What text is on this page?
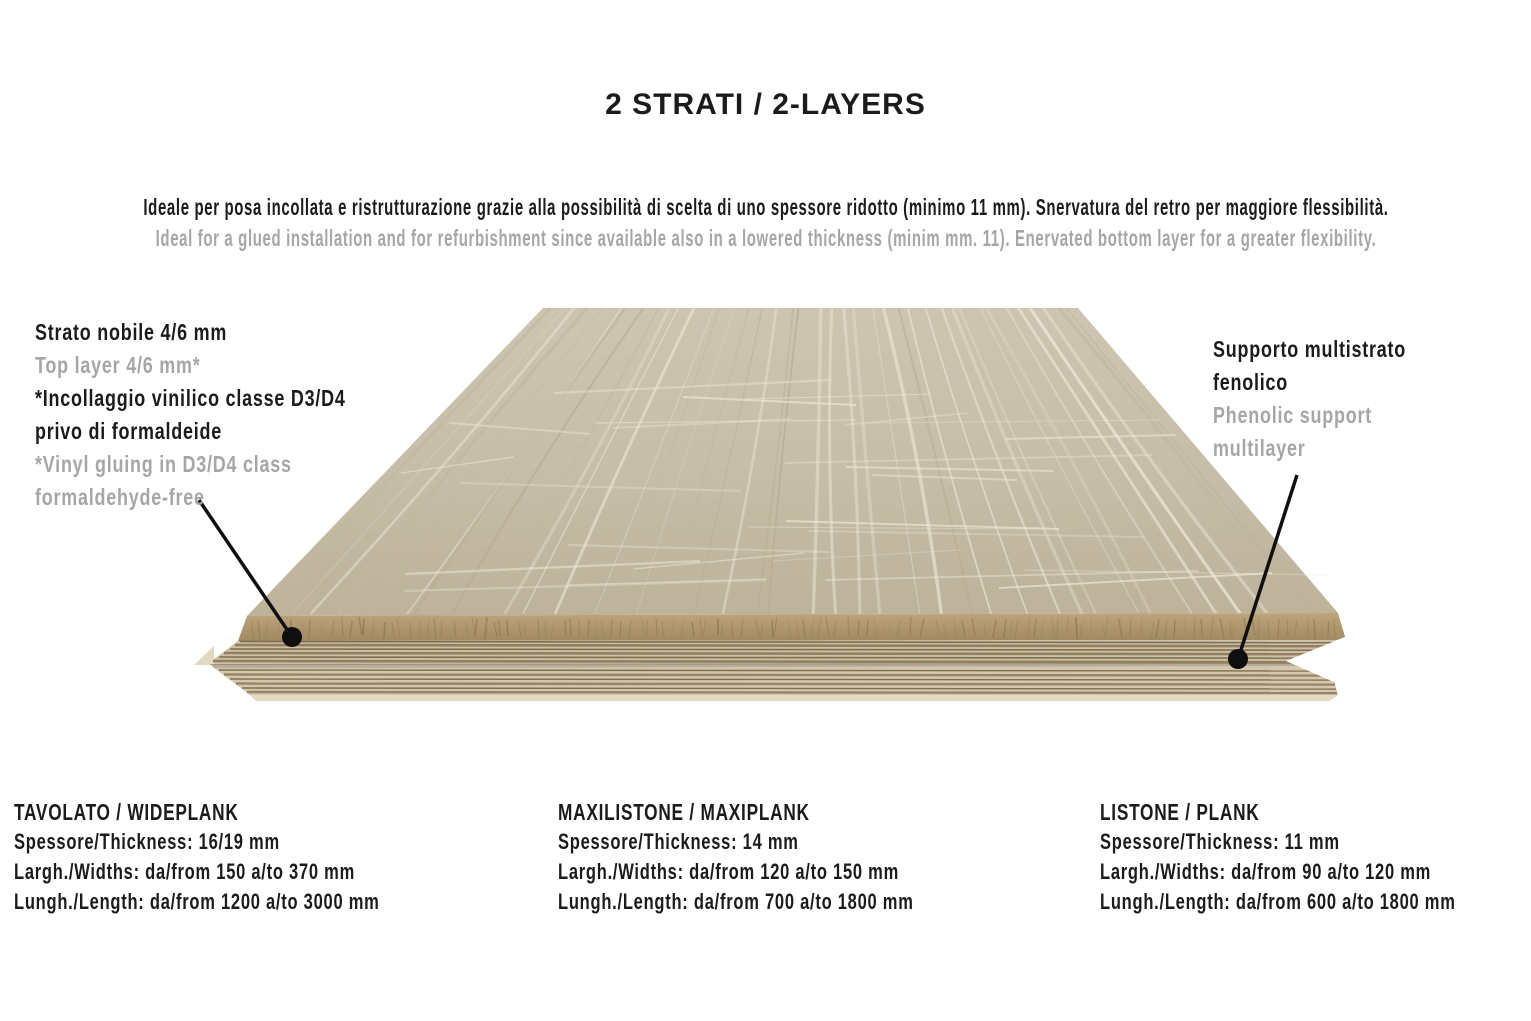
2 STRATI / 2-LAYERS
Ideale per posa incollata e ristrutturazione grazie alla possibilità di scelta di uno spessore ridotto (minimo 11 mm). Snervatura del retro per maggiore flessibilità.
Ideal for a glued installation and for refurbishment since available also in a lowered thickness (minim mm. 11). Enervated bottom layer for a greater flexibility.
Strato nobile 4/6 mm
Top layer 4/6 mm*
*Incollaggio vinilico classe D3/D4
privo di formaldeide
*Vinyl gluing in D3/D4 class
formaldehyde-free
Supporto multistrato
fenolico
Phenolic support
multilayer
TAVOLATO / WIDEPLANK
Spessore/Thickness: 16/19 mm
Largh./Widths: da/from 150 a/to 370 mm
Lungh./Length: da/from 1200 a/to 3000 mm
MAXILISTONE / MAXIPLANK
Spessore/Thickness: 14 mm
Largh./Widths: da/from 120 a/to 150 mm
Lungh./Length: da/from 700 a/to 1800 mm
LISTONE / PLANK
Spessore/Thickness: 11 mm
Largh./Widths: da/from 90 a/to 120 mm
Lungh./Length: da/from 600 a/to 1800 mm
